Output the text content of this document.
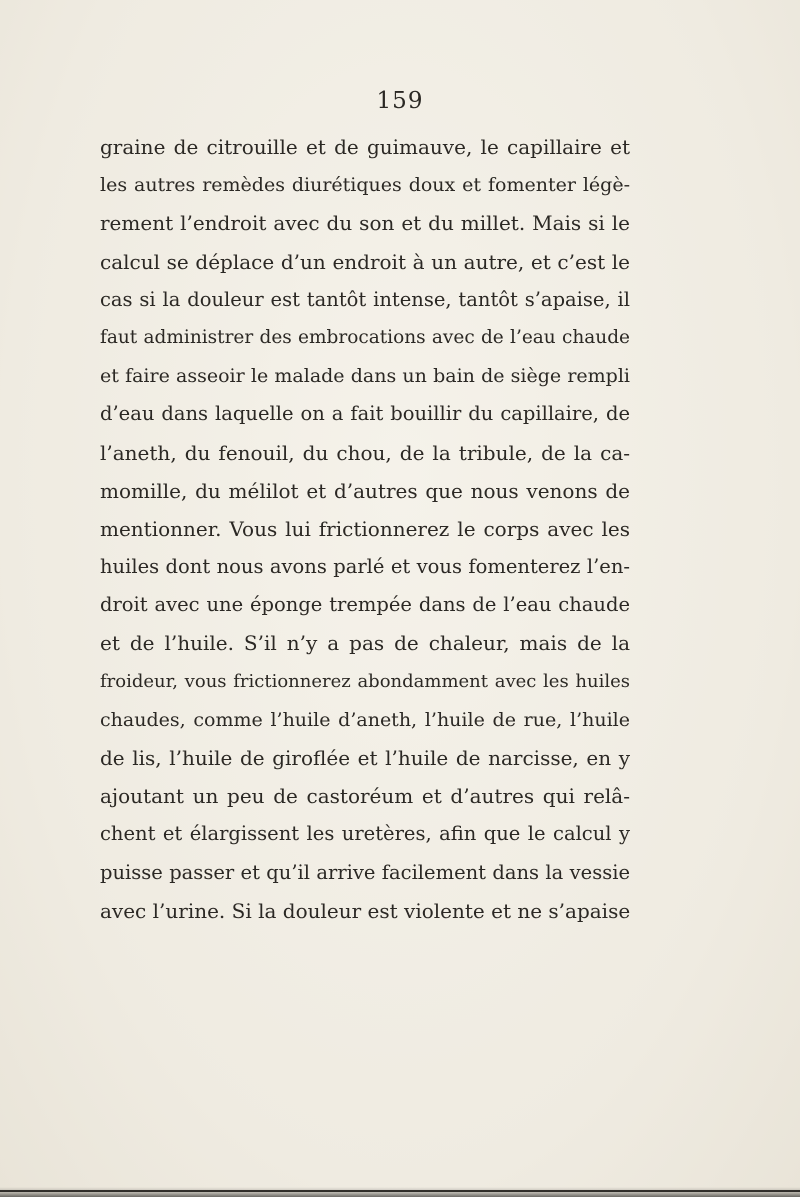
159
graine de citrouille et de guimauve, le capillaire et
les autres remèdes diurétiques doux et fomenter légè-
rement l’endroit avec du son et du millet. Mais si le
calcul se déplace d’un endroit à un autre, et c’est le
cas si la douleur est tantôt intense, tantôt s’apaise, il
faut administrer des embrocations avec de l’eau chaude
et faire asseoir le malade dans un bain de siège rempli
d’eau dans laquelle on a fait bouillir du capillaire, de
l’aneth, du fenouil, du chou, de la tribule, de la ca-
momille, du mélilot et d’autres que nous venons de
mentionner. Vous lui frictionnerez le corps avec les
huiles dont nous avons parlé et vous fomenterez l’en-
droit avec une éponge trempée dans de l’eau chaude
et de l’huile. S’il n’y a pas de chaleur, mais de la
froideur, vous frictionnerez abondamment avec les huiles
chaudes, comme l’huile d’aneth, l’huile de rue, l’huile
de lis, l’huile de giroflée et l’huile de narcisse, en y
ajoutant un peu de castoréum et d’autres qui relâ-
chent et élargissent les uretères, afin que le calcul y
puisse passer et qu’il arrive facilement dans la vessie
avec l’urine. Si la douleur est violente et ne s’apaise
